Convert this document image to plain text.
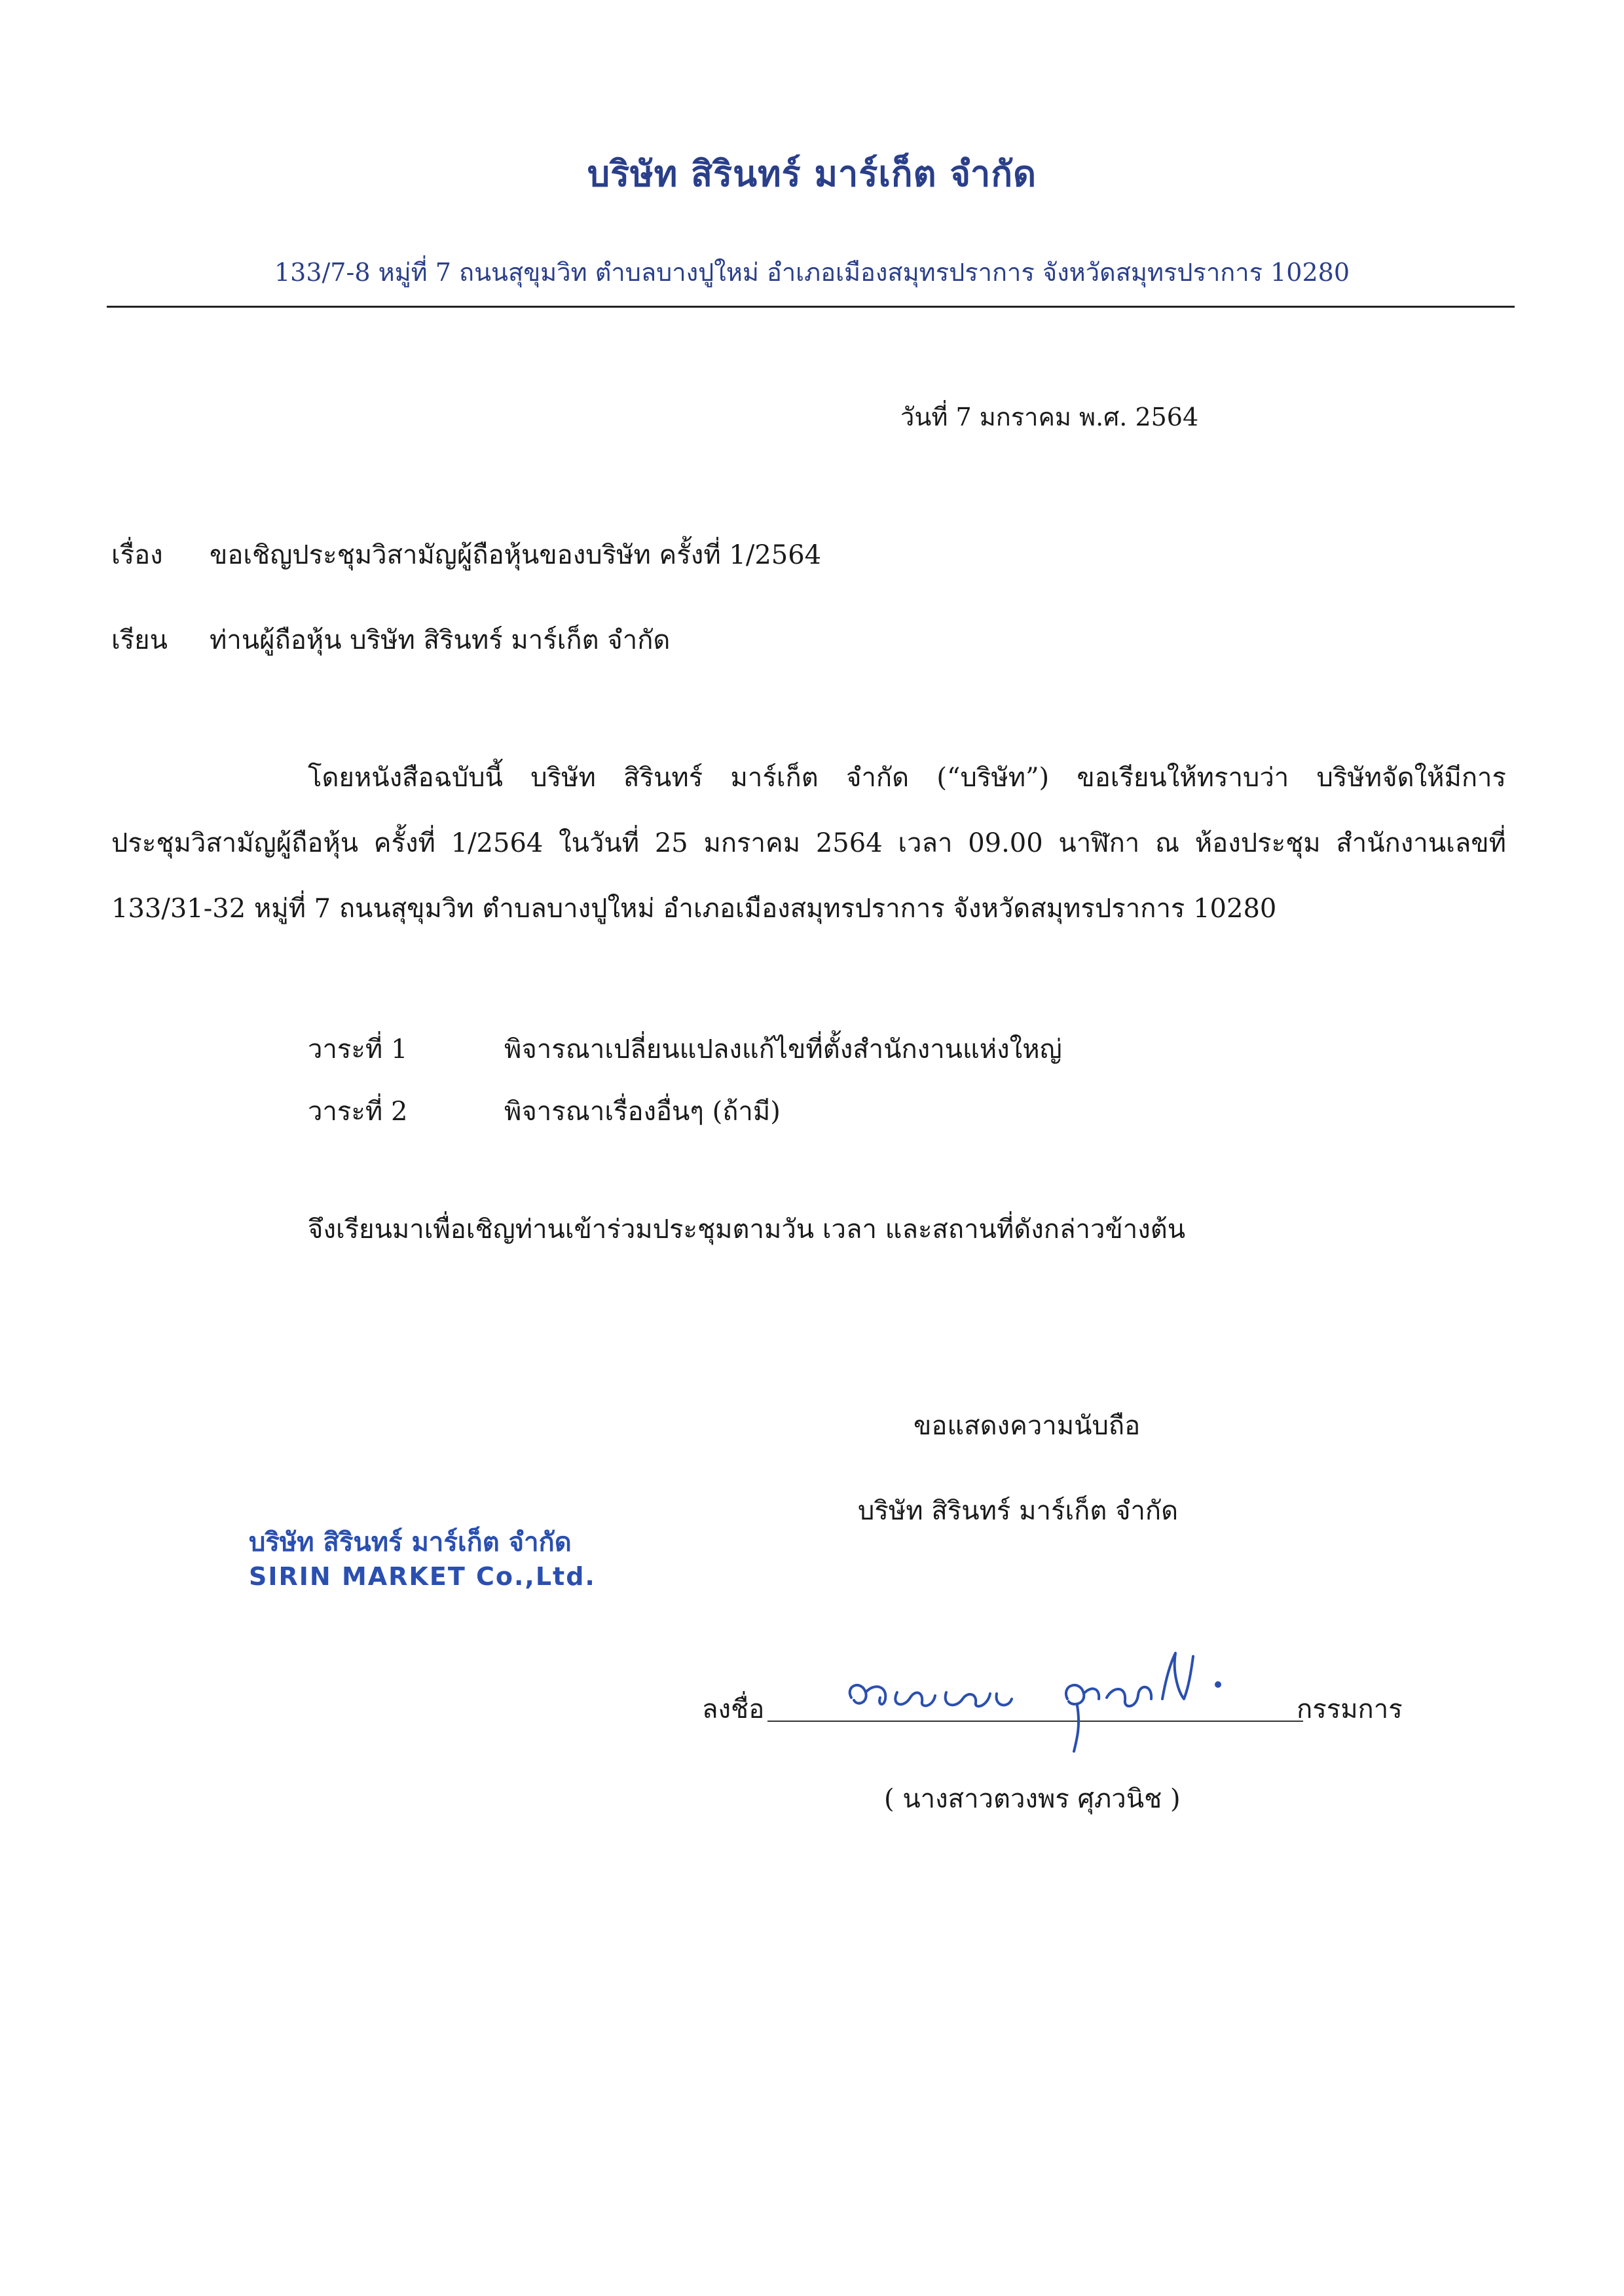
บริษัท สิรินทร์ มาร์เก็ต จำกัด
133/7-8 หมู่ที่ 7 ถนนสุขุมวิท ตำบลบางปูใหม่ อำเภอเมืองสมุทรปราการ จังหวัดสมุทรปราการ 10280
วันที่ 7 มกราคม พ.ศ. 2564
เรื่อง ขอเชิญประชุมวิสามัญผู้ถือหุ้นของบริษัท ครั้งที่ 1/2564
เรียน ท่านผู้ถือหุ้น บริษัท สิรินทร์ มาร์เก็ต จำกัด
โดยหนังสือฉบับนี้ บริษัท สิรินทร์ มาร์เก็ต จำกัด (“บริษัท”) ขอเรียนให้ทราบว่า บริษัทจัดให้มีการ
ประชุมวิสามัญผู้ถือหุ้น ครั้งที่ 1/2564 ในวันที่ 25 มกราคม 2564 เวลา 09.00 นาฬิกา ณ ห้องประชุม สำนักงานเลขที่
133/31-32 หมู่ที่ 7 ถนนสุขุมวิท ตำบลบางปูใหม่ อำเภอเมืองสมุทรปราการ จังหวัดสมุทรปราการ 10280
วาระที่ 1	พิจารณาเปลี่ยนแปลงแก้ไขที่ตั้งสำนักงานแห่งใหญ่
วาระที่ 2	พิจารณาเรื่องอื่นๆ (ถ้ามี)
จึงเรียนมาเพื่อเชิญท่านเข้าร่วมประชุมตามวัน เวลา และสถานที่ดังกล่าวข้างต้น
ขอแสดงความนับถือ
บริษัท สิรินทร์ มาร์เก็ต จำกัด
บริษัท สิรินทร์ มาร์เก็ต จำกัด
SIRIN MARKET Co.,Ltd.
ลงชื่อ	กรรมการ
( นางสาวตวงพร ศุภวนิช )
